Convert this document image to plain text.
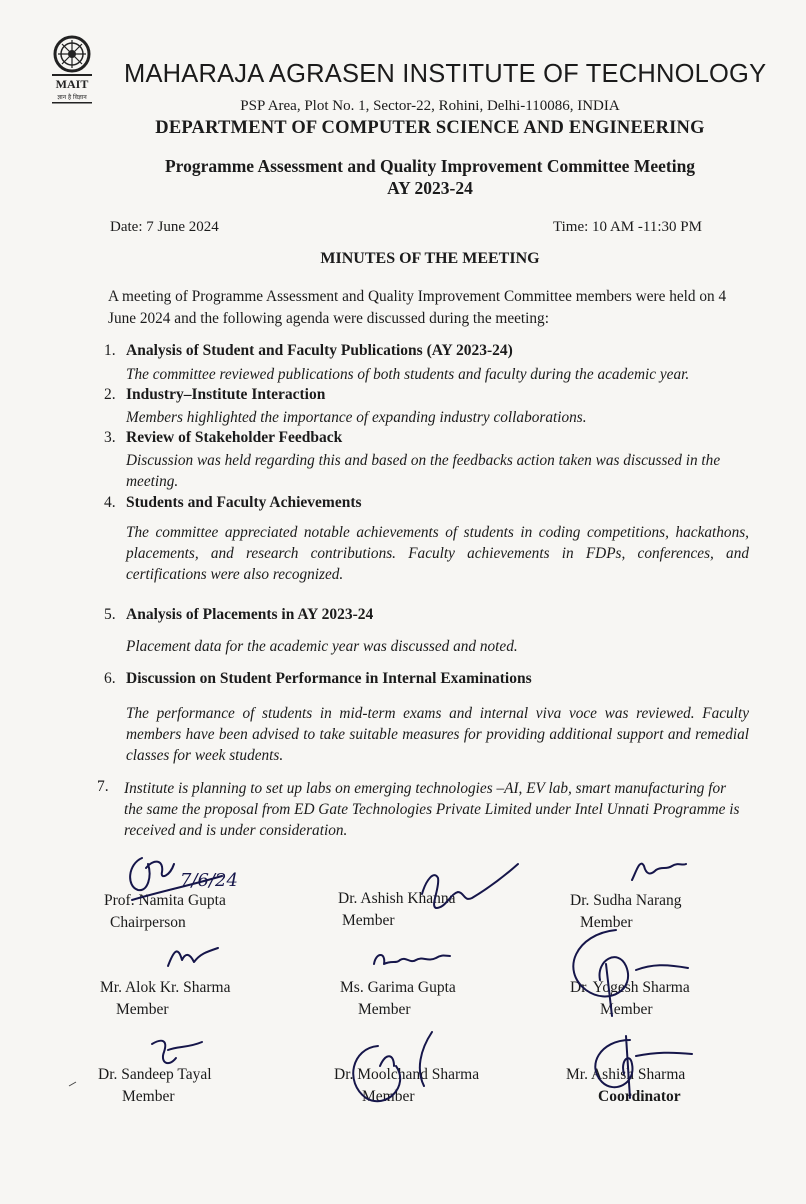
MAIT
ज्ञान है विज्ञान
MAHARAJA AGRASEN INSTITUTE OF TECHNOLOGY
PSP Area, Plot No. 1, Sector-22, Rohini, Delhi-110086, INDIA
DEPARTMENT OF COMPUTER SCIENCE AND ENGINEERING
Programme Assessment and Quality Improvement Committee Meeting
AY 2023-24
Date: 7 June 2024	Time: 10 AM -11:30 PM
MINUTES OF THE MEETING
A meeting of Programme Assessment and Quality Improvement Committee members were held on 4 June 2024 and the following agenda were discussed during the meeting:
1. Analysis of Student and Faculty Publications (AY 2023-24)
The committee reviewed publications of both students and faculty during the academic year.
2. Industry–Institute Interaction
Members highlighted the importance of expanding industry collaborations.
3. Review of Stakeholder Feedback
Discussion was held regarding this and based on the feedbacks action taken was discussed in the meeting.
4. Students and Faculty Achievements
The committee appreciated notable achievements of students in coding competitions, hackathons, placements, and research contributions. Faculty achievements in FDPs, conferences, and certifications were also recognized.
5. Analysis of Placements in AY 2023-24
Placement data for the academic year was discussed and noted.
6. Discussion on Student Performance in Internal Examinations
The performance of students in mid-term exams and internal viva voce was reviewed. Faculty members have been advised to take suitable measures for providing additional support and remedial classes for week students.
7. Institute is planning to set up labs on emerging technologies –AI, EV lab, smart manufacturing for the same the proposal from ED Gate Technologies Private Limited under Intel Unnati Programme is received and is under consideration.
Prof. Namita Gupta
Chairperson
Dr. Ashish Khanna
Member
Dr. Sudha Narang
Member
Mr. Alok Kr. Sharma
Member
Ms. Garima Gupta
Member
Dr. Yogesh Sharma
Member
Dr. Sandeep Tayal
Member
Dr. Moolchand Sharma
Member
Mr. Ashish Sharma
Coordinator
7/6/24
